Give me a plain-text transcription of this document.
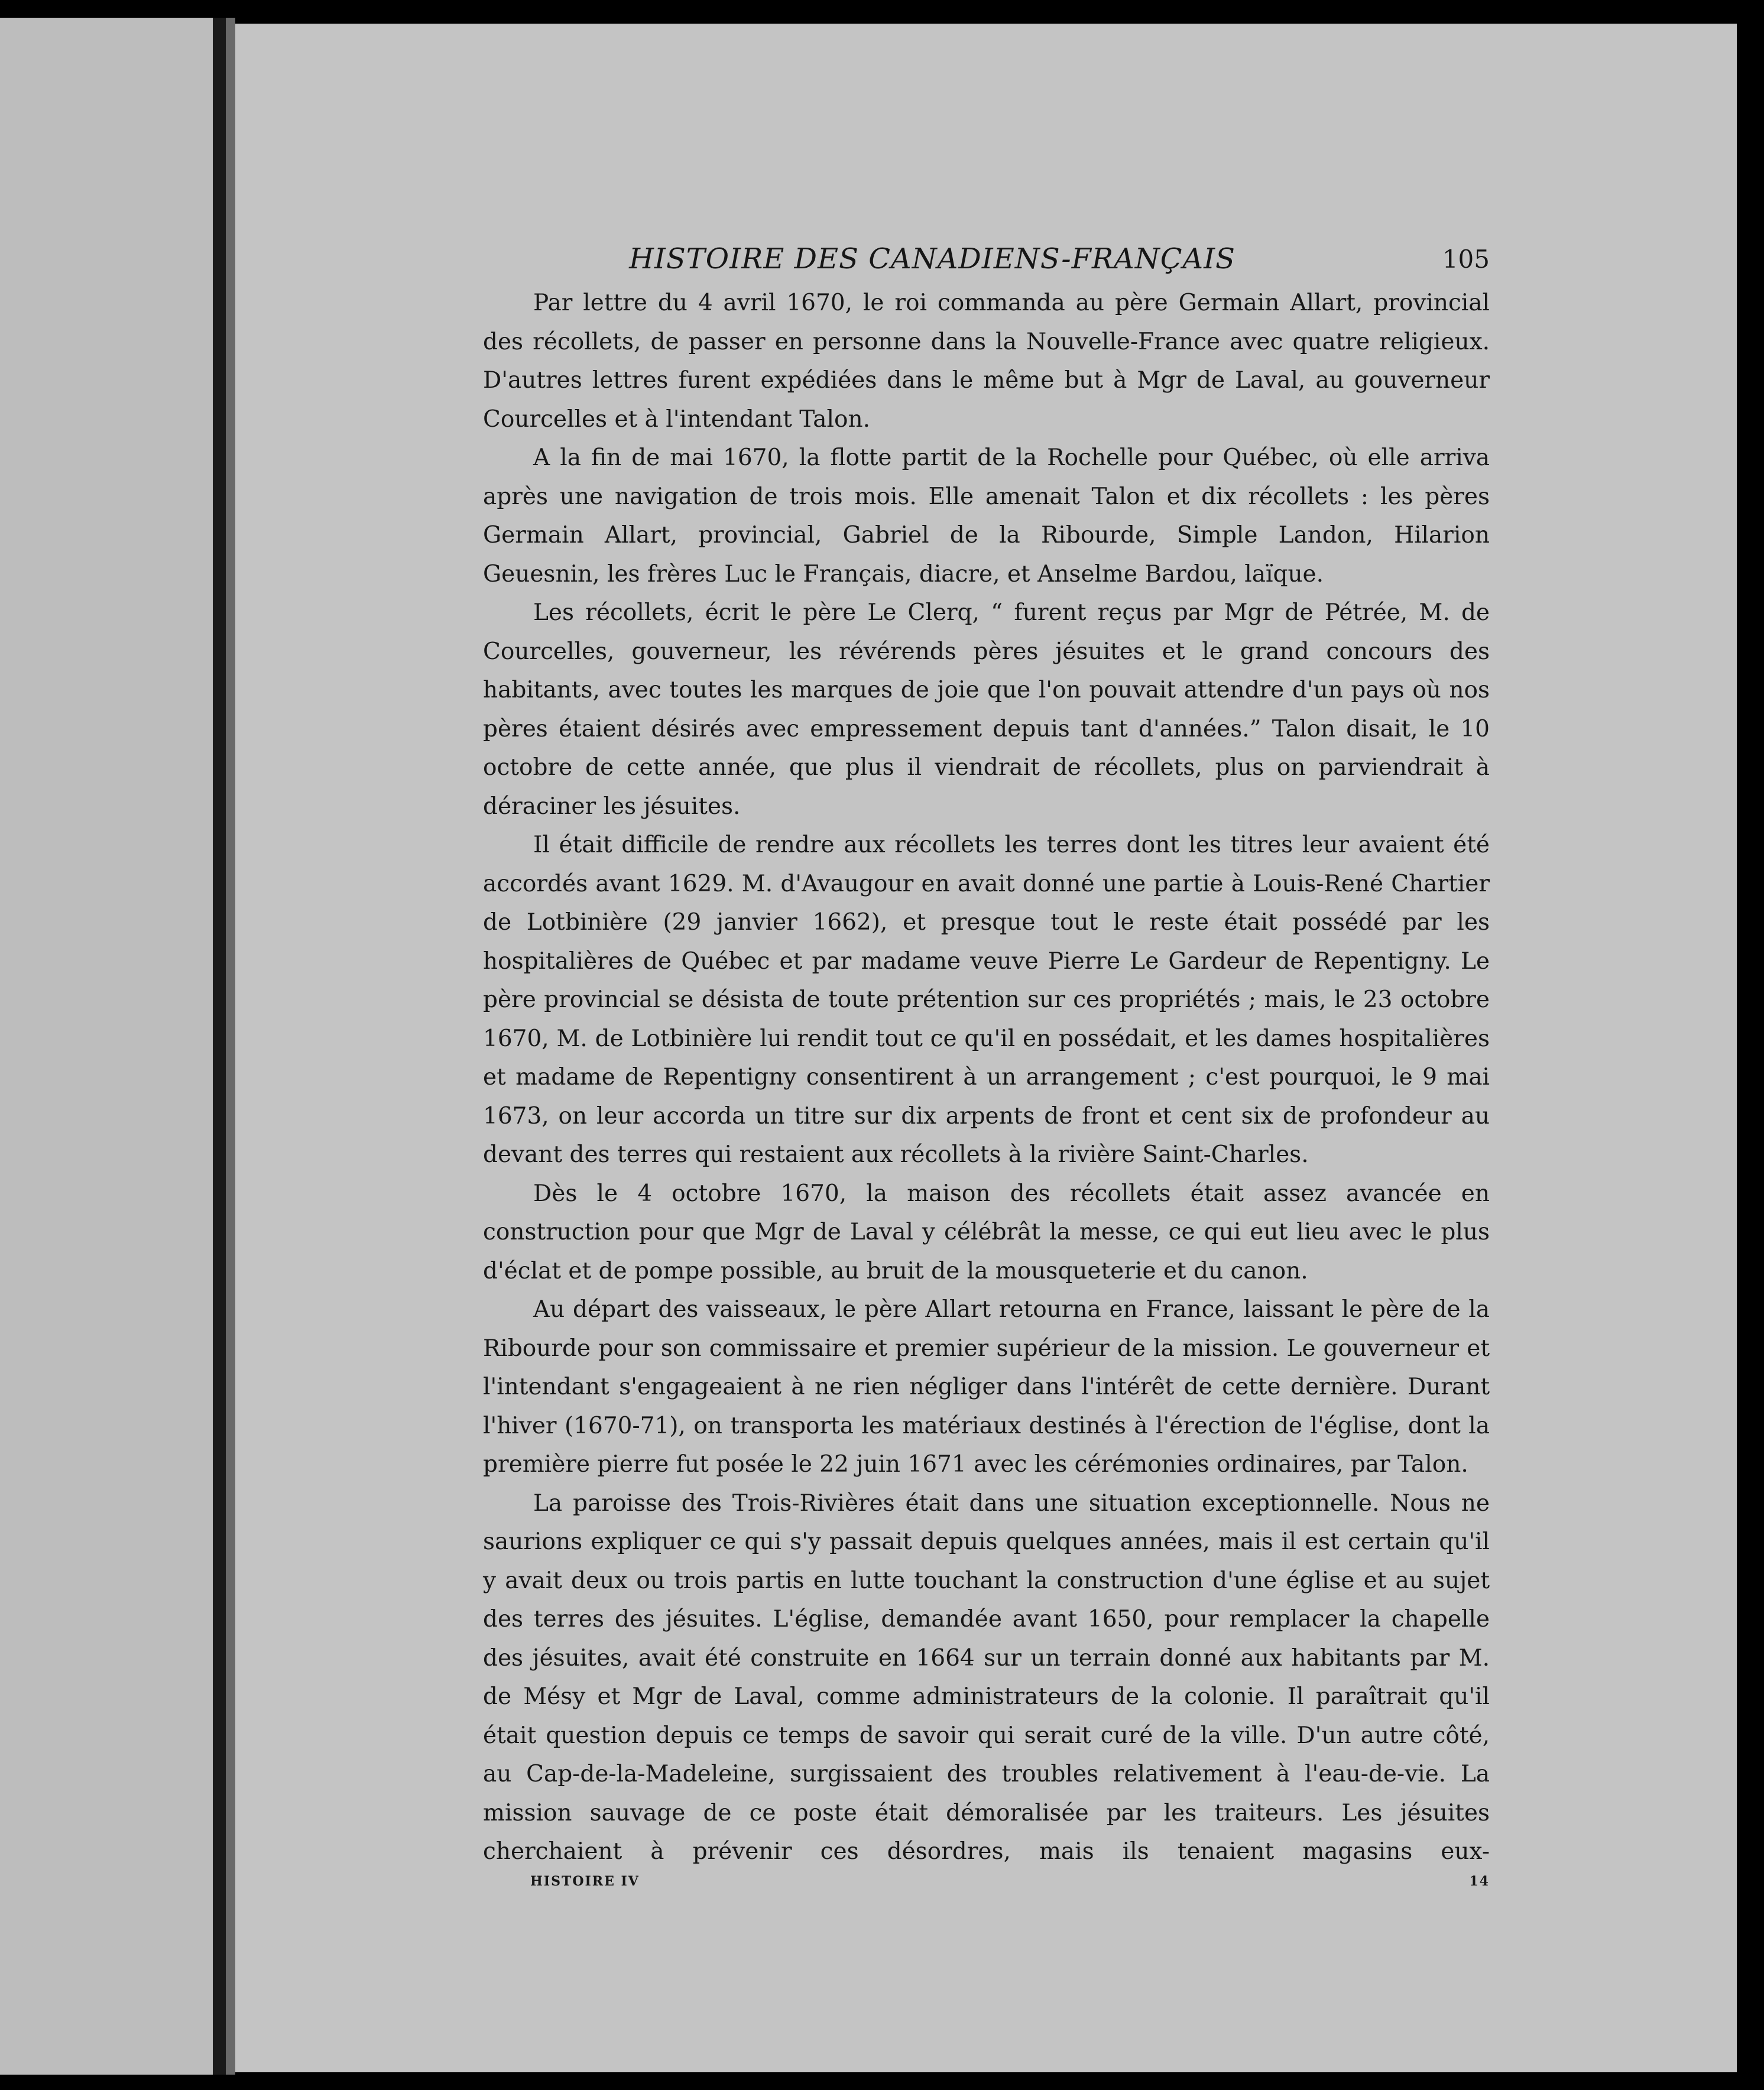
HISTOIRE DES CANADIENS-FRANÇAIS	105

Par lettre du 4 avril 1670, le roi commanda au père Germain Allart, provincial des récollets, de passer en personne dans la Nouvelle-France avec quatre religieux. D'autres lettres furent expédiées dans le même but à Mgr de Laval, au gouverneur Courcelles et à l'intendant Talon.

A la fin de mai 1670, la flotte partit de la Rochelle pour Québec, où elle arriva après une navigation de trois mois. Elle amenait Talon et dix récollets : les pères Germain Allart, provincial, Gabriel de la Ribourde, Simple Landon, Hilarion Geuesnin, les frères Luc le Français, diacre, et Anselme Bardou, laïque.

Les récollets, écrit le père Le Clerq, “ furent reçus par Mgr de Pétrée, M. de Courcelles, gouverneur, les révérends pères jésuites et le grand concours des habitants, avec toutes les marques de joie que l'on pouvait attendre d'un pays où nos pères étaient désirés avec empressement depuis tant d'années.” Talon disait, le 10 octobre de cette année, que plus il viendrait de récollets, plus on parviendrait à déraciner les jésuites.

Il était difficile de rendre aux récollets les terres dont les titres leur avaient été accordés avant 1629. M. d'Avaugour en avait donné une partie à Louis-René Chartier de Lotbinière (29 janvier 1662), et presque tout le reste était possédé par les hospitalières de Québec et par madame veuve Pierre Le Gardeur de Repentigny. Le père provincial se désista de toute prétention sur ces propriétés ; mais, le 23 octobre 1670, M. de Lotbinière lui rendit tout ce qu'il en possédait, et les dames hospitalières et madame de Repentigny consentirent à un arrangement ; c'est pourquoi, le 9 mai 1673, on leur accorda un titre sur dix arpents de front et cent six de profondeur au devant des terres qui restaient aux récollets à la rivière Saint-Charles.

Dès le 4 octobre 1670, la maison des récollets était assez avancée en construction pour que Mgr de Laval y célébrât la messe, ce qui eut lieu avec le plus d'éclat et de pompe possible, au bruit de la mousqueterie et du canon.

Au départ des vaisseaux, le père Allart retourna en France, laissant le père de la Ribourde pour son commissaire et premier supérieur de la mission. Le gouverneur et l'intendant s'engageaient à ne rien négliger dans l'intérêt de cette dernière. Durant l'hiver (1670-71), on transporta les matériaux destinés à l'érection de l'église, dont la première pierre fut posée le 22 juin 1671 avec les cérémonies ordinaires, par Talon.

La paroisse des Trois-Rivières était dans une situation exceptionnelle. Nous ne saurions expliquer ce qui s'y passait depuis quelques années, mais il est certain qu'il y avait deux ou trois partis en lutte touchant la construction d'une église et au sujet des terres des jésuites. L'église, demandée avant 1650, pour remplacer la chapelle des jésuites, avait été construite en 1664 sur un terrain donné aux habitants par M. de Mésy et Mgr de Laval, comme administrateurs de la colonie. Il paraîtrait qu'il était question depuis ce temps de savoir qui serait curé de la ville. D'un autre côté, au Cap-de-la-Madeleine, surgissaient des troubles relativement à l'eau-de-vie. La mission sauvage de ce poste était démoralisée par les traiteurs. Les jésuites cherchaient à prévenir ces désordres, mais ils tenaient magasins eux-

HISTOIRE IV	14
